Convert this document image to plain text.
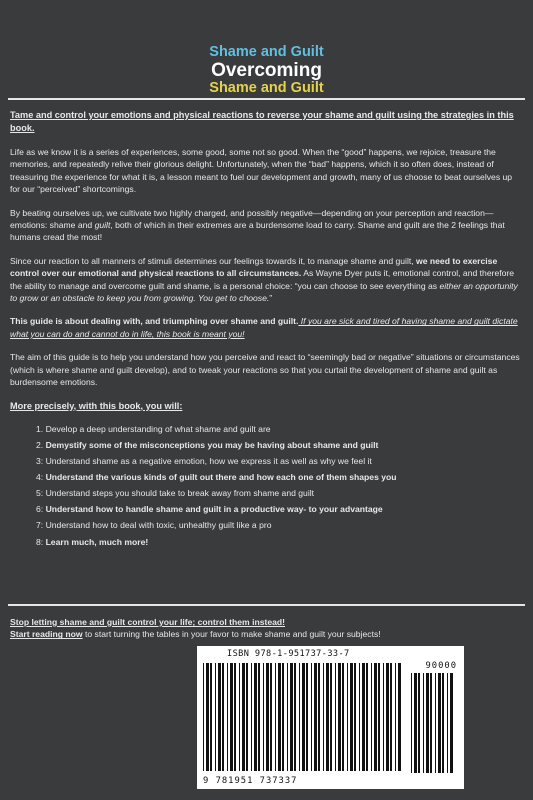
Shame and Guilt
Overcoming
Shame and Guilt

Tame and control your emotions and physical reactions to reverse your shame and guilt using the strategies in this book.

Life as we know it is a series of experiences, some good, some not so good. When the “good” happens, we rejoice, treasure the memories, and repeatedly relive their glorious delight. Unfortunately, when the “bad” happens, which it so often does, instead of treasuring the experience for what it is, a lesson meant to fuel our development and growth, many of us choose to beat ourselves up for our “perceived” shortcomings.

By beating ourselves up, we cultivate two highly charged, and possibly negative—depending on your perception and reaction—emotions: shame and guilt, both of which in their extremes are a burdensome load to carry. Shame and guilt are the 2 feelings that humans cread the most!

Since our reaction to all manners of stimuli determines our feelings towards it, to manage shame and guilt, we need to exercise control over our emotional and physical reactions to all circumstances. As Wayne Dyer puts it, emotional control, and therefore the ability to manage and overcome guilt and shame, is a personal choice: “you can choose to see everything as either an opportunity to grow or an obstacle to keep you from growing. You get to choose.”

This guide is about dealing with, and triumphing over shame and guilt. If you are sick and tired of having shame and guilt dictate what you can do and cannot do in life, this book is meant you!

The aim of this guide is to help you understand how you perceive and react to “seemingly bad or negative” situations or circumstances (which is where shame and guilt develop), and to tweak your reactions so that you curtail the development of shame and guilt as burdensome emotions.

More precisely, with this book, you will:

1. Develop a deep understanding of what shame and guilt are
2. Demystify some of the misconceptions you may be having about shame and guilt
3: Understand shame as a negative emotion, how we express it as well as why we feel it
4: Understand the various kinds of guilt out there and how each one of them shapes you
5: Understand steps you should take to break away from shame and guilt
6: Understand how to handle shame and guilt in a productive way- to your advantage
7: Understand how to deal with toxic, unhealthy guilt like a pro
8: Learn much, much more!
Stop letting shame and guilt control your life; control them instead!
Start reading now to start turning the tables in your favor to make shame and guilt your subjects!
ISBN 978-1-951737-33-7
90000
9 781951 737337
